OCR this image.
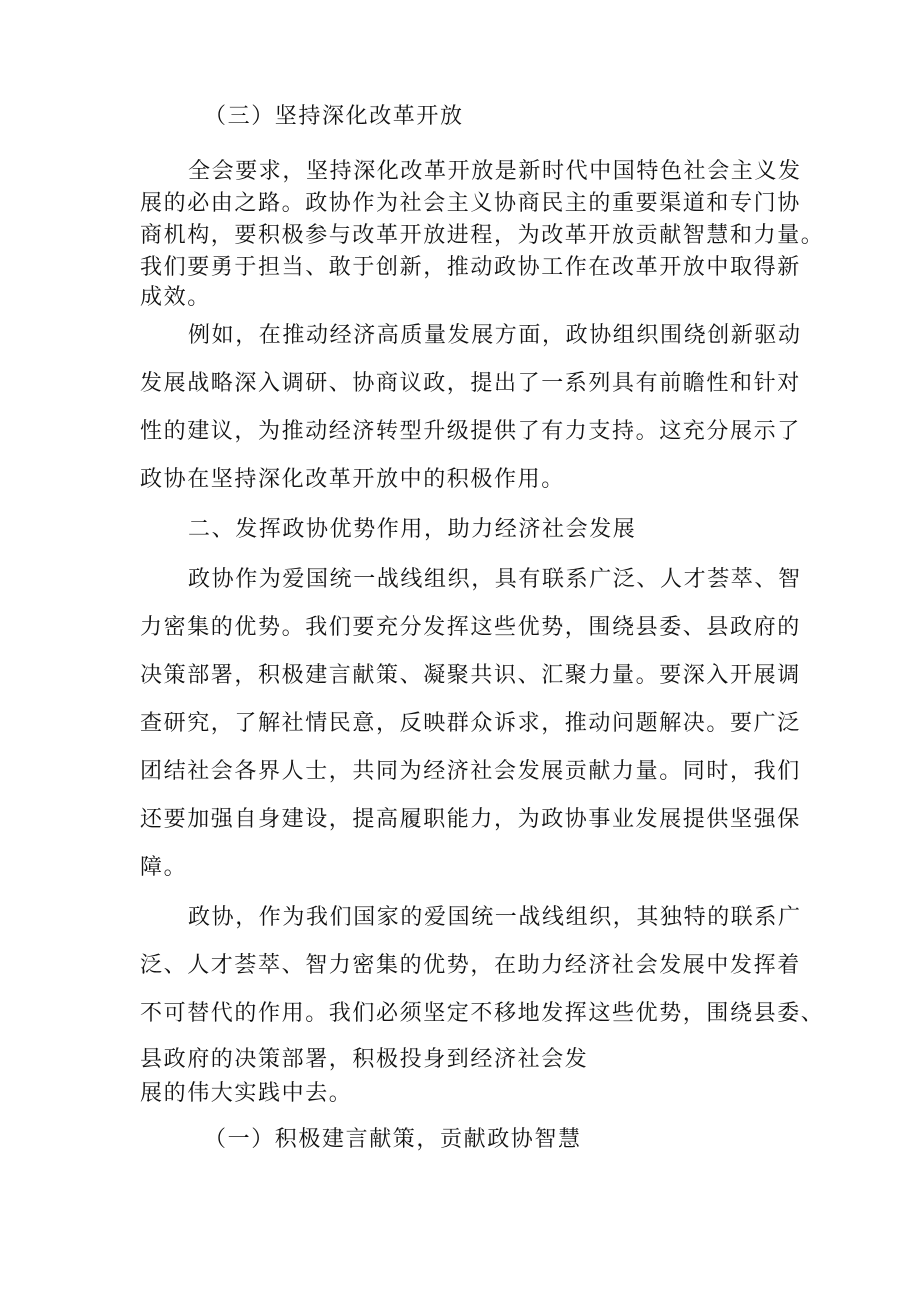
（三）坚持深化改革开放
全会要求，坚持深化改革开放是新时代中国特色社会主义发
展的必由之路。政协作为社会主义协商民主的重要渠道和专门协
商机构，要积极参与改革开放进程，为改革开放贡献智慧和力量。
我们要勇于担当、敢于创新，推动政协工作在改革开放中取得新
成效。
例如，在推动经济高质量发展方面，政协组织围绕创新驱动
发展战略深入调研、协商议政，提出了一系列具有前瞻性和针对
性的建议，为推动经济转型升级提供了有力支持。这充分展示了
政协在坚持深化改革开放中的积极作用。
二、发挥政协优势作用，助力经济社会发展
政协作为爱国统一战线组织，具有联系广泛、人才荟萃、智
力密集的优势。我们要充分发挥这些优势，围绕县委、县政府的
决策部署，积极建言献策、凝聚共识、汇聚力量。要深入开展调
查研究，了解社情民意，反映群众诉求，推动问题解决。要广泛
团结社会各界人士，共同为经济社会发展贡献力量。同时，我们
还要加强自身建设，提高履职能力，为政协事业发展提供坚强保
障。
政协，作为我们国家的爱国统一战线组织，其独特的联系广
泛、人才荟萃、智力密集的优势，在助力经济社会发展中发挥着
不可替代的作用。我们必须坚定不移地发挥这些优势，围绕县委、
县政府的决策部署，积极投身到经济社会发
展的伟大实践中去。
（一）积极建言献策，贡献政协智慧
